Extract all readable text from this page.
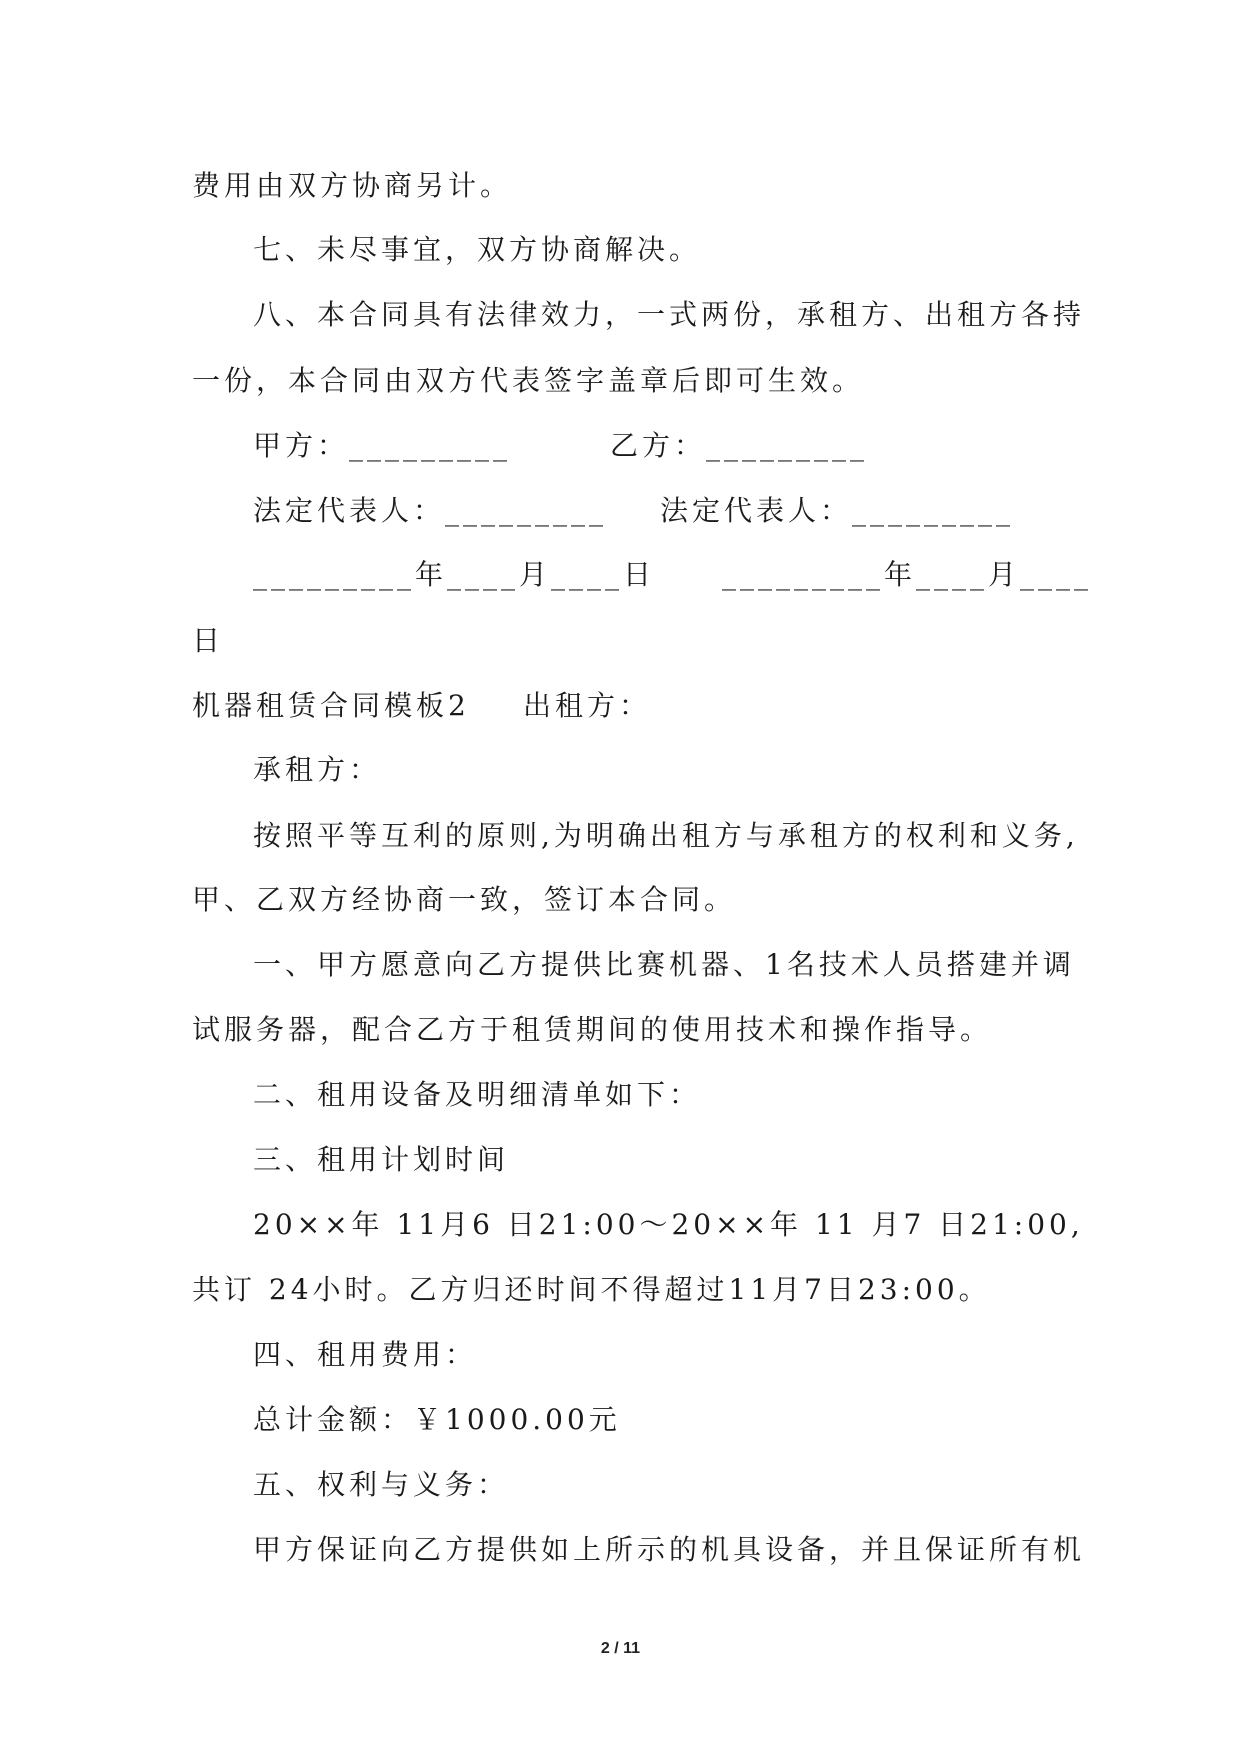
费用由双方协商另计。
七、未尽事宜，双方协商解决。
八、本合同具有法律效力，一式两份，承租方、出租方各持
一份，本合同由双方代表签字盖章后即可生效。
甲方：_________	乙方：_________
法定代表人：_________ 法定代表人：_________
_________年____月____日 _________年____月____
日
机器租赁合同模板2 出租方：
承租方：
按照平等互利的原则,为明确出租方与承租方的权利和义务,
甲、乙双方经协商一致，签订本合同。
一、甲方愿意向乙方提供比赛机器、1名技术人员搭建并调
试服务器，配合乙方于租赁期间的使用技术和操作指导。
二、租用设备及明细清单如下：
三、租用计划时间
20××年 11月6 日21:00～20××年 11 月7 日21:00,
共订 24小时。乙方归还时间不得超过11月7日23:00。
四、租用费用：
总计金额：￥1000.00元
五、权利与义务：
甲方保证向乙方提供如上所示的机具设备，并且保证所有机
2 / 11
